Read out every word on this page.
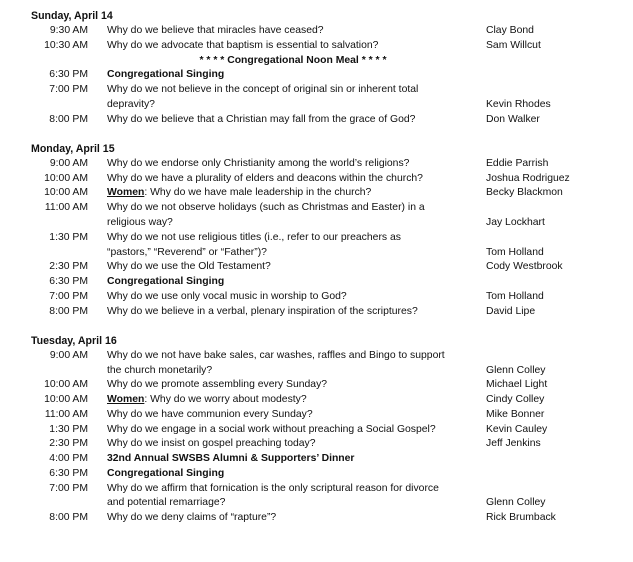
Sunday, April 14
9:30 AM Why do we believe that miracles have ceased?	Clay Bond
10:30 AM Why do we advocate that baptism is essential to salvation?	Sam Willcut
* * * * Congregational Noon Meal * * * *
6:30 PM Congregational Singing
7:00 PM Why do we not believe in the concept of original sin or inherent total
depravity?	Kevin Rhodes
8:00 PM Why do we believe that a Christian may fall from the grace of God?	Don Walker
Monday, April 15
9:00 AM Why do we endorse only Christianity among the world’s religions?	Eddie Parrish
10:00 AM Why do we have a plurality of elders and deacons within the church?	Joshua Rodriguez
10:00 AM Women: Why do we have male leadership in the church?	Becky Blackmon
11:00 AM Why do we not observe holidays (such as Christmas and Easter) in a
religious way?	Jay Lockhart
1:30 PM Why do we not use religious titles (i.e., refer to our preachers as
“pastors,” “Reverend” or “Father”)?	Tom Holland
2:30 PM Why do we use the Old Testament?	Cody Westbrook
6:30 PM Congregational Singing
7:00 PM Why do we use only vocal music in worship to God?	Tom Holland
8:00 PM Why do we believe in a verbal, plenary inspiration of the scriptures?	David Lipe
Tuesday, April 16
9:00 AM Why do we not have bake sales, car washes, raffles and Bingo to support
the church monetarily?	Glenn Colley
10:00 AM Why do we promote assembling every Sunday?	Michael Light
10:00 AM Women: Why do we worry about modesty?	Cindy Colley
11:00 AM Why do we have communion every Sunday?	Mike Bonner
1:30 PM Why do we engage in a social work without preaching a Social Gospel?	Kevin Cauley
2:30 PM Why do we insist on gospel preaching today?	Jeff Jenkins
4:00 PM 32nd Annual SWSBS Alumni & Supporters’ Dinner
6:30 PM Congregational Singing
7:00 PM Why do we affirm that fornication is the only scriptural reason for divorce
and potential remarriage?	Glenn Colley
8:00 PM Why do we deny claims of “rapture”?	Rick Brumback
